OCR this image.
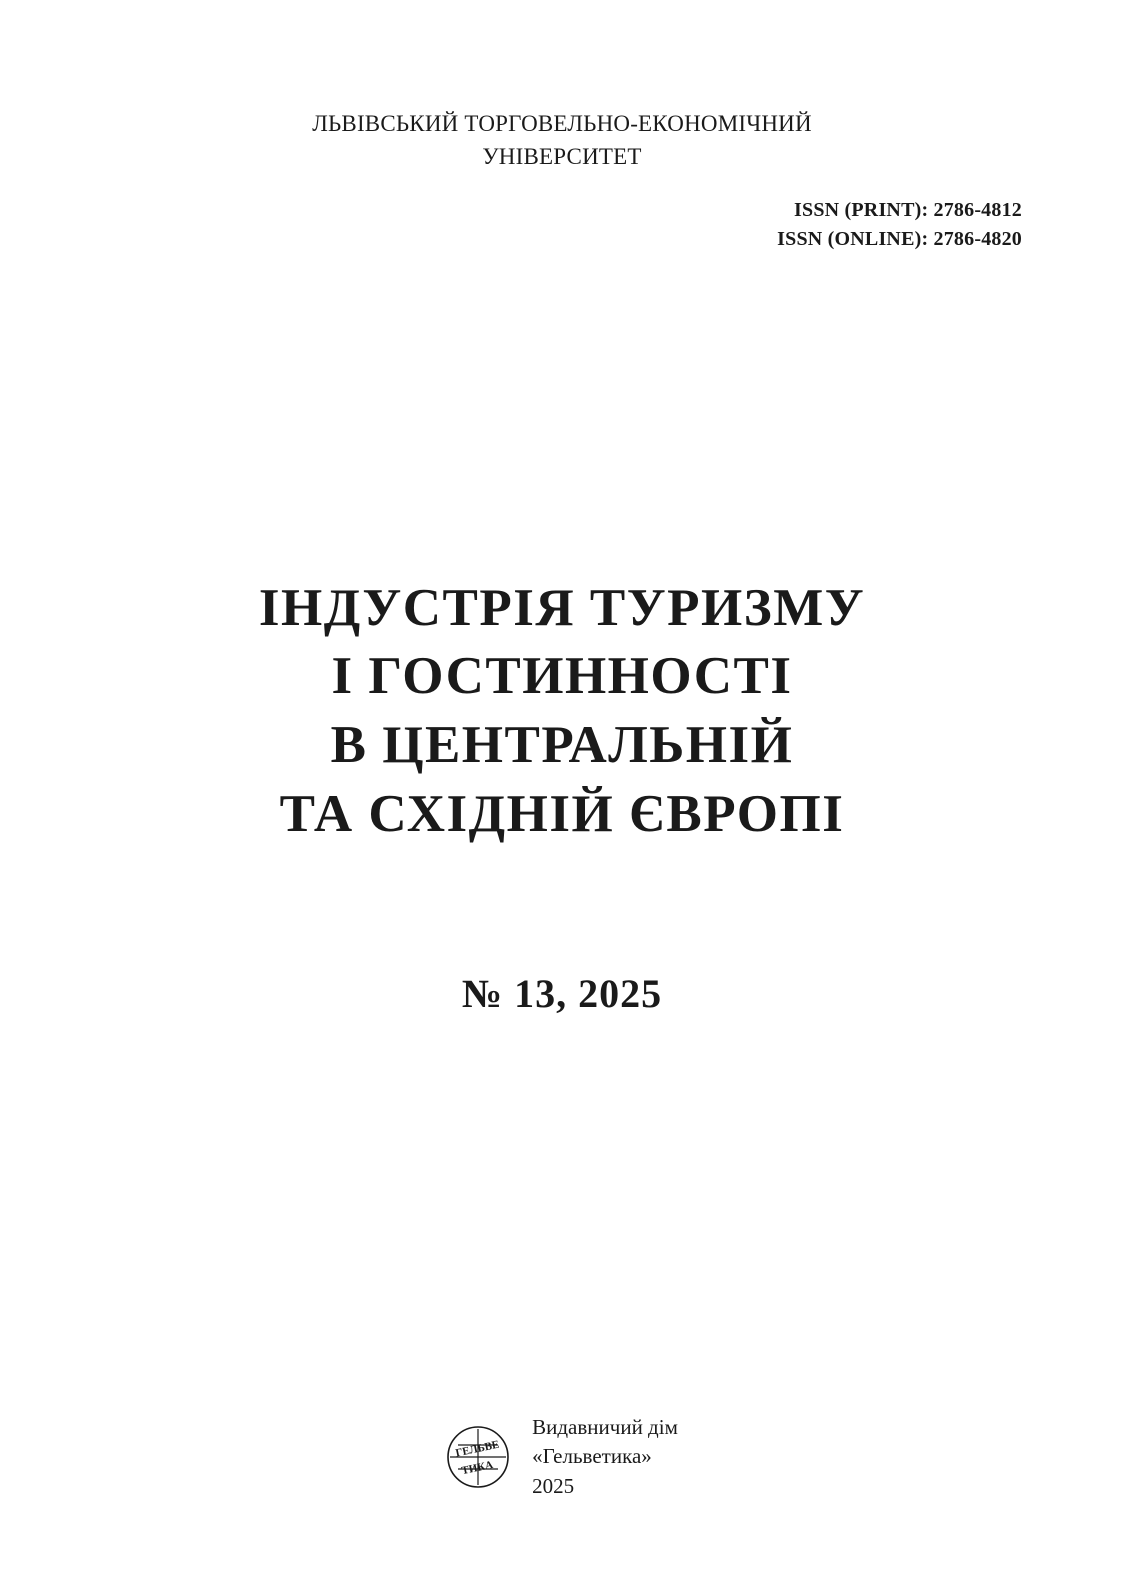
ЛЬВІВСЬКИЙ ТОРГОВЕЛЬНО-ЕКОНОМІЧНИЙ
УНІВЕРСИТЕТ
ISSN (PRINT): 2786-4812
ISSN (ONLINE): 2786-4820
ІНДУСТРІЯ ТУРИЗМУ
І ГОСТИННОСТІ
В ЦЕНТРАЛЬНІЙ
ТА СХІДНІЙ ЄВРОПІ
№ 13, 2025
ГЕЛЬВЕ
ТИКА
Видавничий дім
«Гельветика»
2025
